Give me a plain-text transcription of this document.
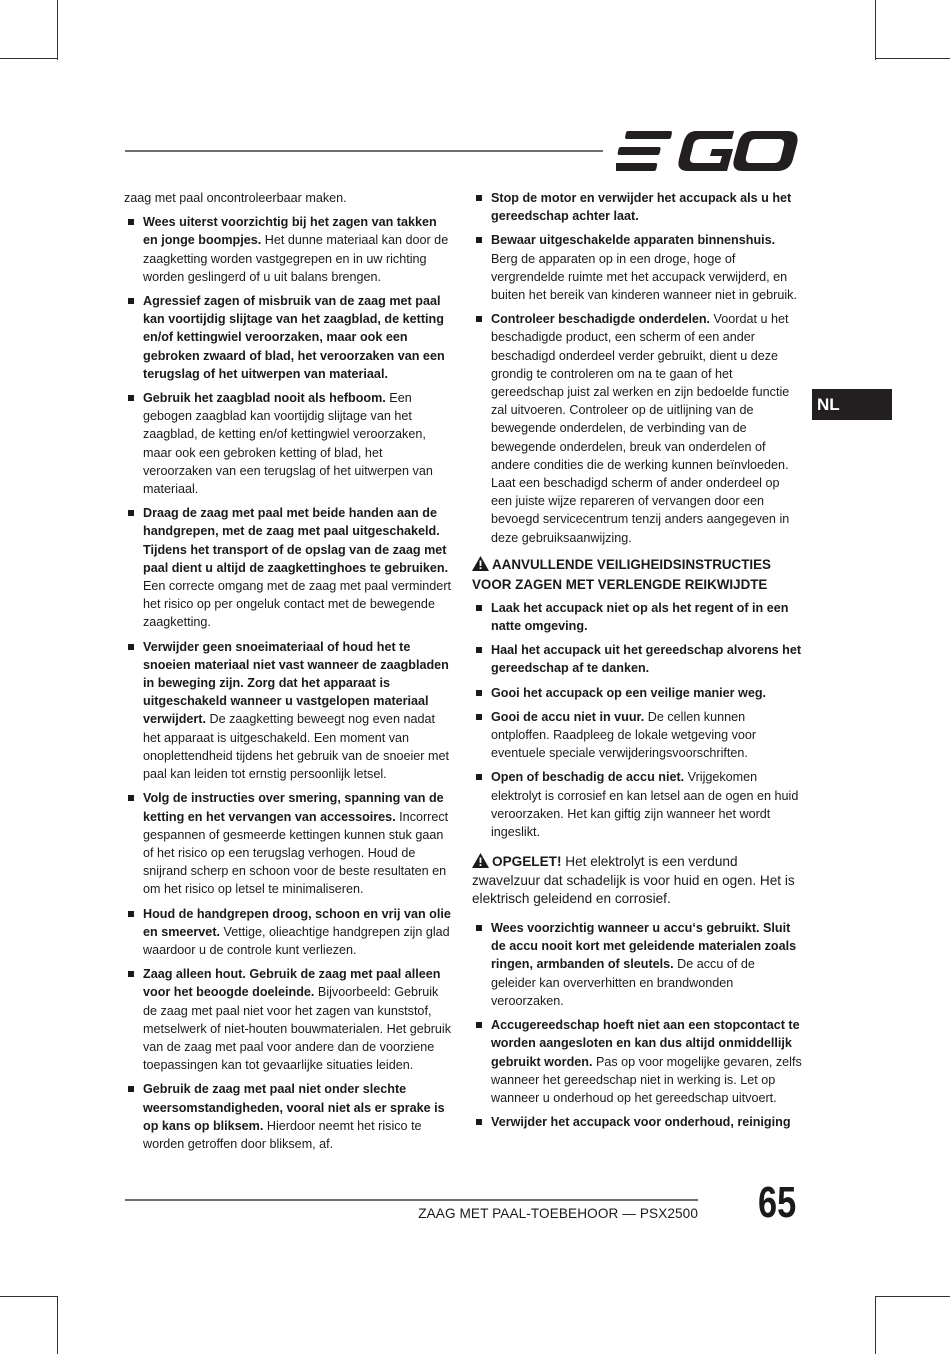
zaag met paal oncontroleerbaar maken.

Wees uiterst voorzichtig bij het zagen van takken en jonge boompjes. Het dunne materiaal kan door de zaagketting worden vastgegrepen en in uw richting worden geslingerd of u uit balans brengen.
Agressief zagen of misbruik van de zaag met paal kan voortijdig slijtage van het zaagblad, de ketting en/of kettingwiel veroorzaken, maar ook een gebroken zwaard of blad, het veroorzaken van een terugslag of het uitwerpen van materiaal.
Gebruik het zaagblad nooit als hefboom. Een gebogen zaagblad kan voortijdig slijtage van het zaagblad, de ketting en/of kettingwiel veroorzaken, maar ook een gebroken ketting of blad, het veroorzaken van een terugslag of het uitwerpen van materiaal.
Draag de zaag met paal met beide handen aan de handgrepen, met de zaag met paal uitgeschakeld. Tijdens het transport of de opslag van de zaag met paal dient u altijd de zaagkettinghoes te gebruiken. Een correcte omgang met de zaag met paal vermindert het risico op per ongeluk contact met de bewegende zaagketting.
Verwijder geen snoeimateriaal of houd het te snoeien materiaal niet vast wanneer de zaagbladen in beweging zijn. Zorg dat het apparaat is uitgeschakeld wanneer u vastgelopen materiaal verwijdert. De zaagketting beweegt nog even nadat het apparaat is uitgeschakeld. Een moment van onoplettendheid tijdens het gebruik van de snoeier met paal kan leiden tot ernstig persoonlijk letsel.
Volg de instructies over smering, spanning van de ketting en het vervangen van accessoires. Incorrect gespannen of gesmeerde kettingen kunnen stuk gaan of het risico op een terugslag verhogen. Houd de snijrand scherp en schoon voor de beste resultaten en om het risico op letsel te minimaliseren.
Houd de handgrepen droog, schoon en vrij van olie en smeervet. Vettige, olieachtige handgrepen zijn glad waardoor u de controle kunt verliezen.
Zaag alleen hout. Gebruik de zaag met paal alleen voor het beoogde doeleinde. Bijvoorbeeld: Gebruik de zaag met paal niet voor het zagen van kunststof, metselwerk of niet-houten bouwmaterialen. Het gebruik van de zaag met paal voor andere dan de voorziene toepassingen kan tot gevaarlijke situaties leiden.
Gebruik de zaag met paal niet onder slechte weersomstandigheden, vooral niet als er sprake is op kans op bliksem. Hierdoor neemt het risico te worden getroffen door bliksem, af.
Stop de motor en verwijder het accupack als u het gereedschap achter laat.
Bewaar uitgeschakelde apparaten binnenshuis. Berg de apparaten op in een droge, hoge of vergrendelde ruimte met het accupack verwijderd, en buiten het bereik van kinderen wanneer niet in gebruik.
Controleer beschadigde onderdelen. Voordat u het beschadigde product, een scherm of een ander beschadigd onderdeel verder gebruikt, dient u deze grondig te controleren om na te gaan of het gereedschap juist zal werken en zijn bedoelde functie zal uitvoeren. Controleer op de uitlijning van de bewegende onderdelen, de verbinding van de bewegende onderdelen, breuk van onderdelen of andere condities die de werking kunnen beïnvloeden. Laat een beschadigd scherm of ander onderdeel op een juiste wijze repareren of vervangen door een bevoegd servicecentrum tenzij anders aangegeven in deze gebruiksaanwijzing.
AANVULLENDE VEILIGHEIDSINSTRUCTIES VOOR ZAGEN MET VERLENGDE REIKWIJDTE
Laak het accupack niet op als het regent of in een natte omgeving.
Haal het accupack uit het gereedschap alvorens het gereedschap af te danken.
Gooi het accupack op een veilige manier weg.
Gooi de accu niet in vuur. De cellen kunnen ontploffen. Raadpleeg de lokale wetgeving voor eventuele speciale verwijderingsvoorschriften.
Open of beschadig de accu niet. Vrijgekomen elektrolyt is corrosief en kan letsel aan de ogen en huid veroorzaken. Het kan giftig zijn wanneer het wordt ingeslikt.
OPGELET! Het elektrolyt is een verdund zwavelzuur dat schadelijk is voor huid en ogen. Het is elektrisch geleidend en corrosief.
Wees voorzichtig wanneer u accu‘s gebruikt. Sluit de accu nooit kort met geleidende materialen zoals ringen, armbanden of sleutels. De accu of de geleider kan oververhitten en brandwonden veroorzaken.
Accugereedschap hoeft niet aan een stopcontact te worden aangesloten en kan dus altijd onmiddellijk gebruikt worden. Pas op voor mogelijke gevaren, zelfs wanneer het gereedschap niet in werking is. Let op wanneer u onderhoud op het gereedschap uitvoert.
Verwijder het accupack voor onderhoud, reiniging
NL
ZAAG MET PAAL-TOEBEHOOR — PSX2500 65
